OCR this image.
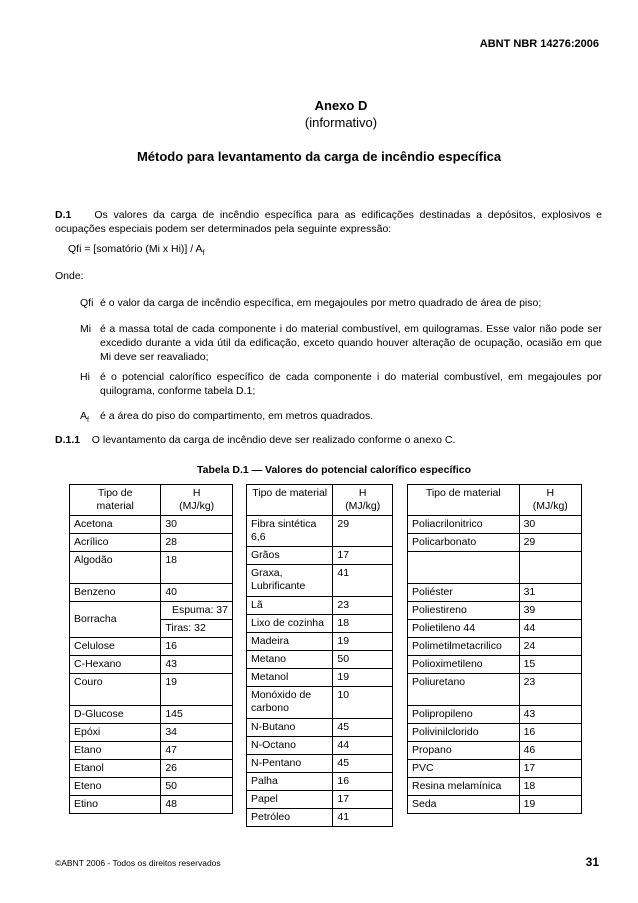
ABNT NBR 14276:2006
Anexo D
(informativo)
Método para levantamento da carga de incêndio específica
D.1 Os valores da carga de incêndio específica para as edificações destinadas a depósitos, explosivos e ocupações especiais podem ser determinados pela seguinte expressão:
Qfi = [somatório (Mi x $Hi)] / A_f$
Onde:
Qfi é o valor da carga de incêndio específica, em megajoules por metro quadrado de área de piso;
Mi é a massa total de cada componente i do material combustível, em quilogramas. Esse valor não pode ser excedido durante a vida útil da edificação, exceto quando houver alteração de ocupação, ocasião em que Mi deve ser reavaliado;
Hi é o potencial calorífico específico de cada componente i do material combustível, em megajoules por quilograma, conforme tabela D.1;
$A_f$ é a área do piso do compartimento, em metros quadrados.
D.1.1 O levantamento da carga de incêndio deve ser realizado conforme o anexo C.
Tabela D.1 — Valores do potencial calorífico específico
Tipo de
material	H
(MJ/kg)
Acetona	30
Acrílico	28
Algodão	18
Benzeno	40
Borracha	Espuma: 37
	Tiras: 32
Celulose	16
C-Hexano	43
Couro	19
D-Glucose	145
Epóxi	34
Etano	47
Etanol	26
Eteno	50
Etino	48
Tipo de material	H
(MJ/kg)
Fibra sintética 6,6	29
Grãos	17
Graxa, Lubrificante	41
Lã	23
Lixo de cozinha	18
Madeira	19
Metano	50
Metanol	19
Monóxido de carbono	10
N-Butano	45
N-Octano	44
N-Pentano	45
Palha	16
Papel	17
Petróleo	41
Tipo de material	H
(MJ/kg)
Poliacrilonitrico	30
Policarbonato	29

Poliéster	31
Poliestireno	39
Polietileno 44	44
Polimetilmetacrilico	24
Polioximetileno	15
Poliuretano	23
Polipropileno	43
Polivinilclorido	16
Propano	46
PVC	17
Resina melamínica	18
Seda	19
©ABNT 2006 - Todos os direitos reservados	31
